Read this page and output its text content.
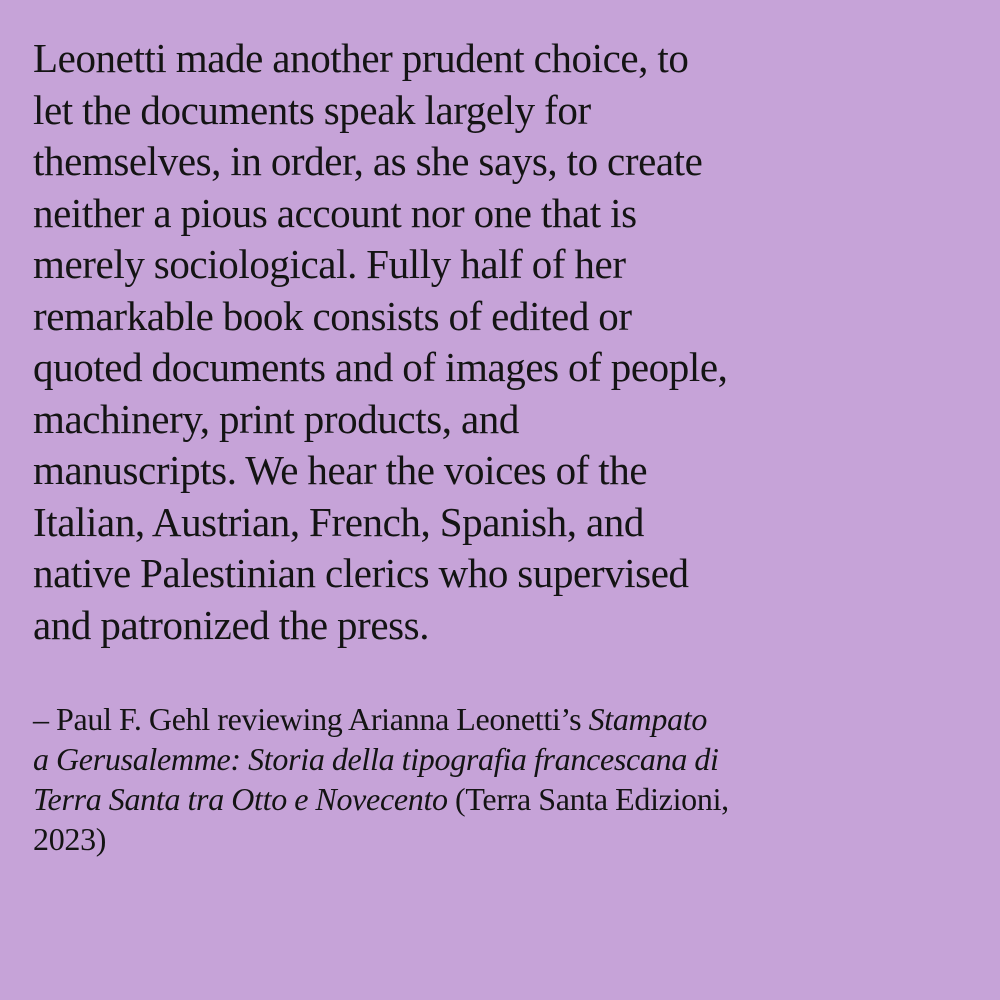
Leonetti made another prudent choice, to
let the documents speak largely for
themselves, in order, as she says, to create
neither a pious account nor one that is
merely sociological. Fully half of her
remarkable book consists of edited or
quoted documents and of images of people,
machinery, print products, and
manuscripts. We hear the voices of the
Italian, Austrian, French, Spanish, and
native Palestinian clerics who supervised
and patronized the press.

– Paul F. Gehl reviewing Arianna Leonetti’s Stampato
a Gerusalemme: Storia della tipografia francescana di
Terra Santa tra Otto e Novecento (Terra Santa Edizioni,
2023)
